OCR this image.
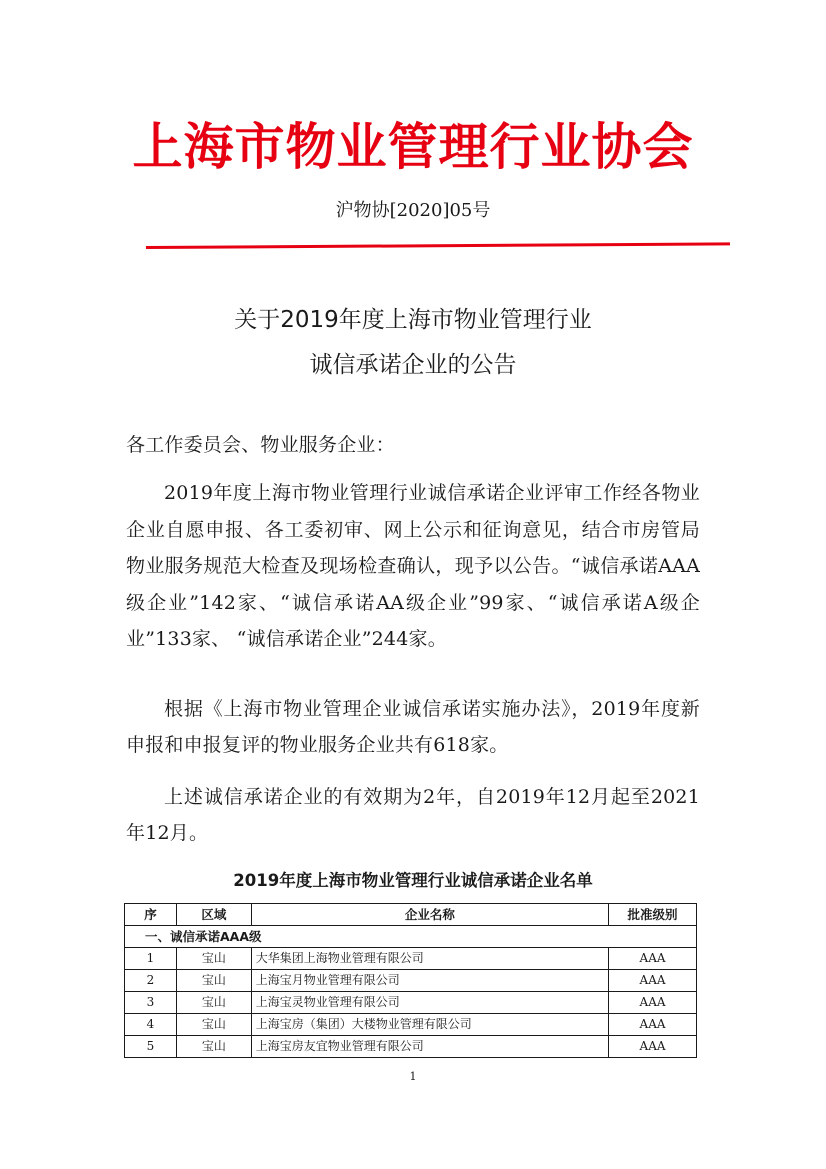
上海市物业管理行业协会
沪物协[2020]05号
关于2019年度上海市物业管理行业
诚信承诺企业的公告
各工作委员会、物业服务企业：
2019年度上海市物业管理行业诚信承诺企业评审工作经各物业企业自愿申报、各工委初审、网上公示和征询意见，结合市房管局物业服务规范大检查及现场检查确认，现予以公告。“诚信承诺AAA级企业”142家、“诚信承诺AA级企业”99家、“诚信承诺A级企业”133家、 “诚信承诺企业”244家。
根据《上海市物业管理企业诚信承诺实施办法》，2019年度新申报和申报复评的物业服务企业共有618家。
上述诚信承诺企业的有效期为2年，自2019年12月起至2021年12月。
2019年度上海市物业管理行业诚信承诺企业名单
序	区域	企业名称	批准级别
一、诚信承诺AAA级			
1	宝山	大华集团上海物业管理有限公司	AAA
2	宝山	上海宝月物业管理有限公司	AAA
3	宝山	上海宝灵物业管理有限公司	AAA
4	宝山	上海宝房（集团）大楼物业管理有限公司	AAA
5	宝山	上海宝房友宜物业管理有限公司	AAA
1
